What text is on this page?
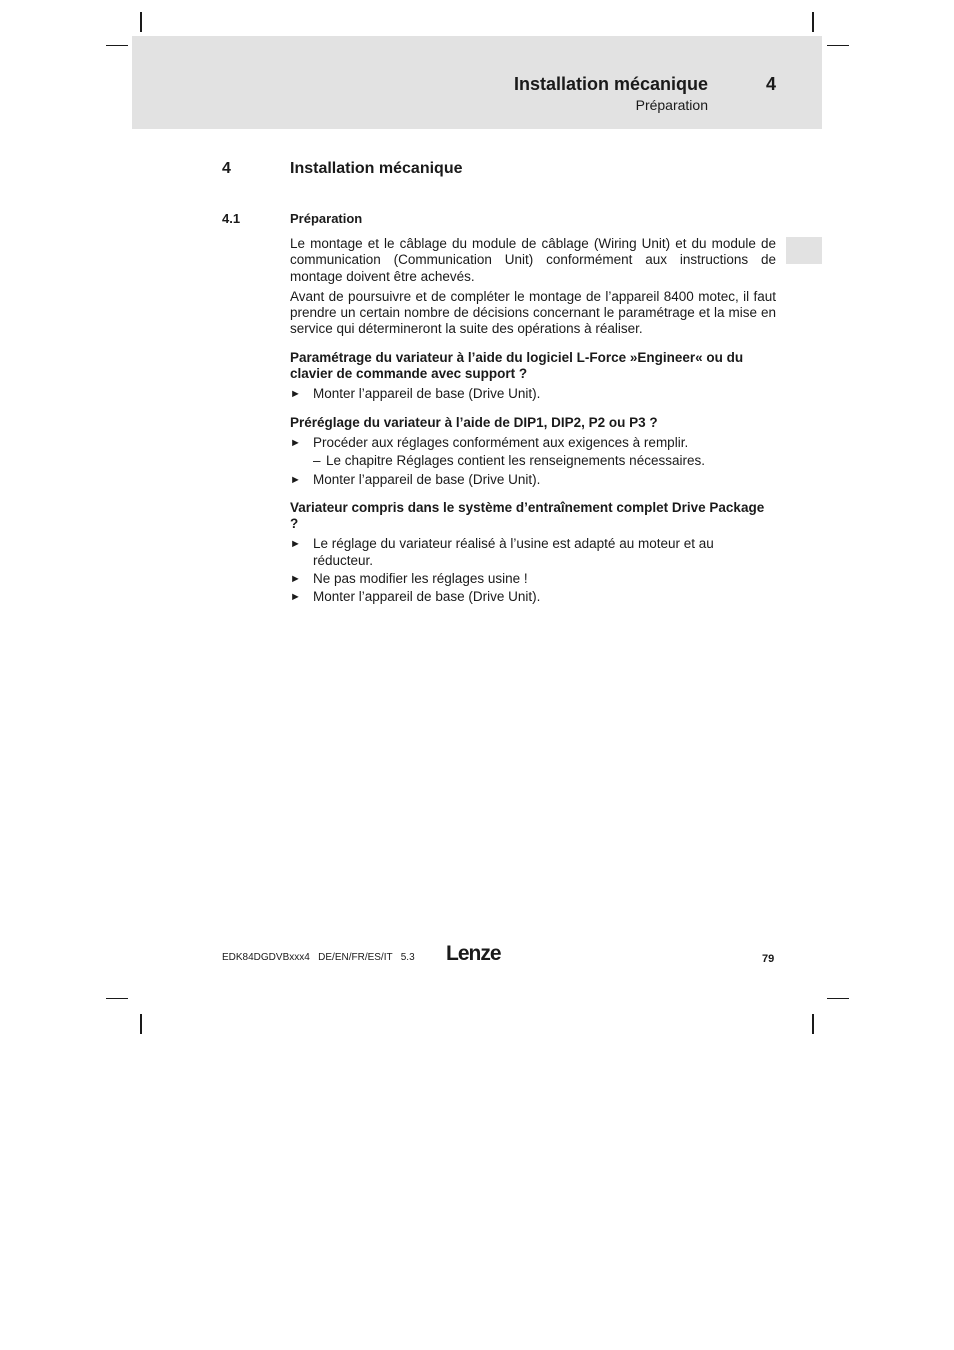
Installation mécanique	4
Préparation
4	Installation mécanique
4.1	Préparation

Le montage et le câblage du module de câblage (Wiring Unit) et du module de communication (Communication Unit) conformément aux instructions de montage doivent être achevés.

Avant de poursuivre et de compléter le montage de l’appareil 8400 motec, il faut prendre un certain nombre de décisions concernant le paramétrage et la mise en service qui détermineront la suite des opérations à réaliser.

Paramétrage du variateur à l’aide du logiciel L-Force »Engineer« ou du clavier de commande avec support ?

► Monter l’appareil de base (Drive Unit).

Préréglage du variateur à l’aide de DIP1, DIP2, P2 ou P3 ?

► Procéder aux réglages conformément aux exigences à remplir.
– Le chapitre Réglages contient les renseignements nécessaires.
► Monter l’appareil de base (Drive Unit).

Variateur compris dans le système d’entraînement complet Drive Package ?

► Le réglage du variateur réalisé à l’usine est adapté au moteur et au réducteur.
► Ne pas modifier les réglages usine !
► Monter l’appareil de base (Drive Unit).
EDK84DGDVBxxx4   DE/EN/FR/ES/IT   5.3 Lenze	79
